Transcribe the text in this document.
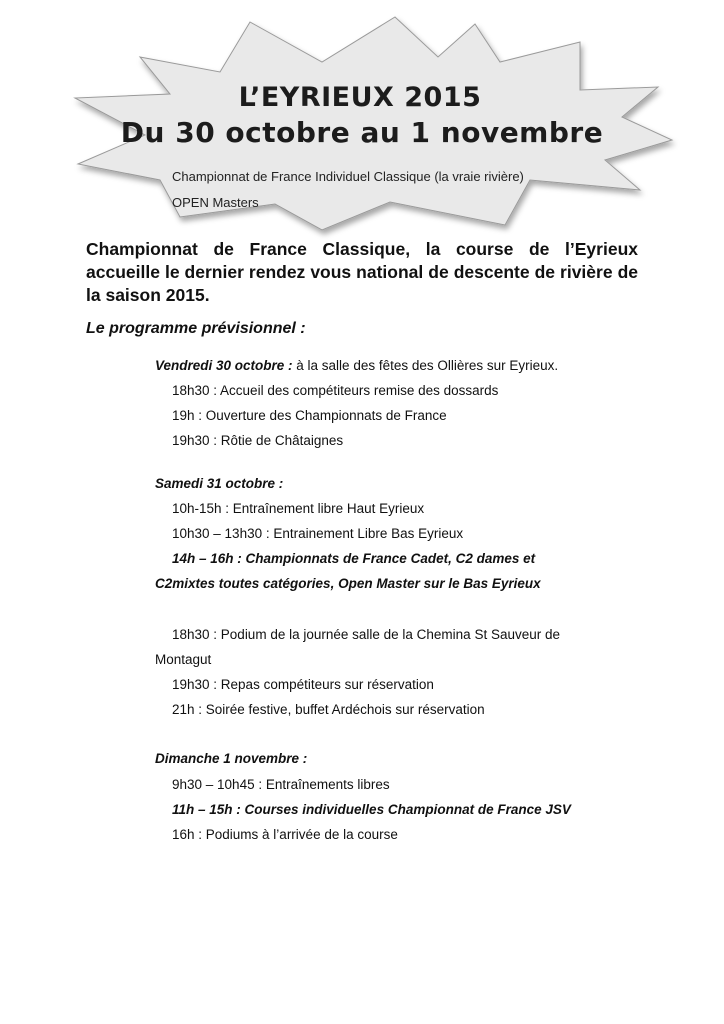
L’EYRIEUX 2015
Du 30 octobre au 1 novembre
Championnat de France Individuel Classique (la vraie rivière)
OPEN Masters
Championnat de France Classique, la course de l’Eyrieux accueille le dernier rendez vous national de descente de rivière de la saison 2015.
Le programme prévisionnel :
Vendredi 30 octobre : à la salle des fêtes des Ollières sur Eyrieux.
18h30 : Accueil des compétiteurs remise des dossards
19h : Ouverture des Championnats de France
19h30 : Rôtie de Châtaignes
Samedi 31 octobre :
10h-15h : Entraînement libre Haut Eyrieux
10h30 – 13h30 : Entrainement Libre Bas Eyrieux
14h – 16h : Championnats de France Cadet, C2 dames et
C2mixtes toutes catégories, Open Master sur le Bas Eyrieux
18h30 : Podium de la journée salle de la Chemina St Sauveur de
Montagut
19h30 : Repas compétiteurs sur réservation
21h : Soirée festive, buffet Ardéchois sur réservation
Dimanche 1 novembre :
9h30 – 10h45 : Entraînements libres
11h – 15h : Courses individuelles Championnat de France JSV
16h : Podiums à l’arrivée de la course
